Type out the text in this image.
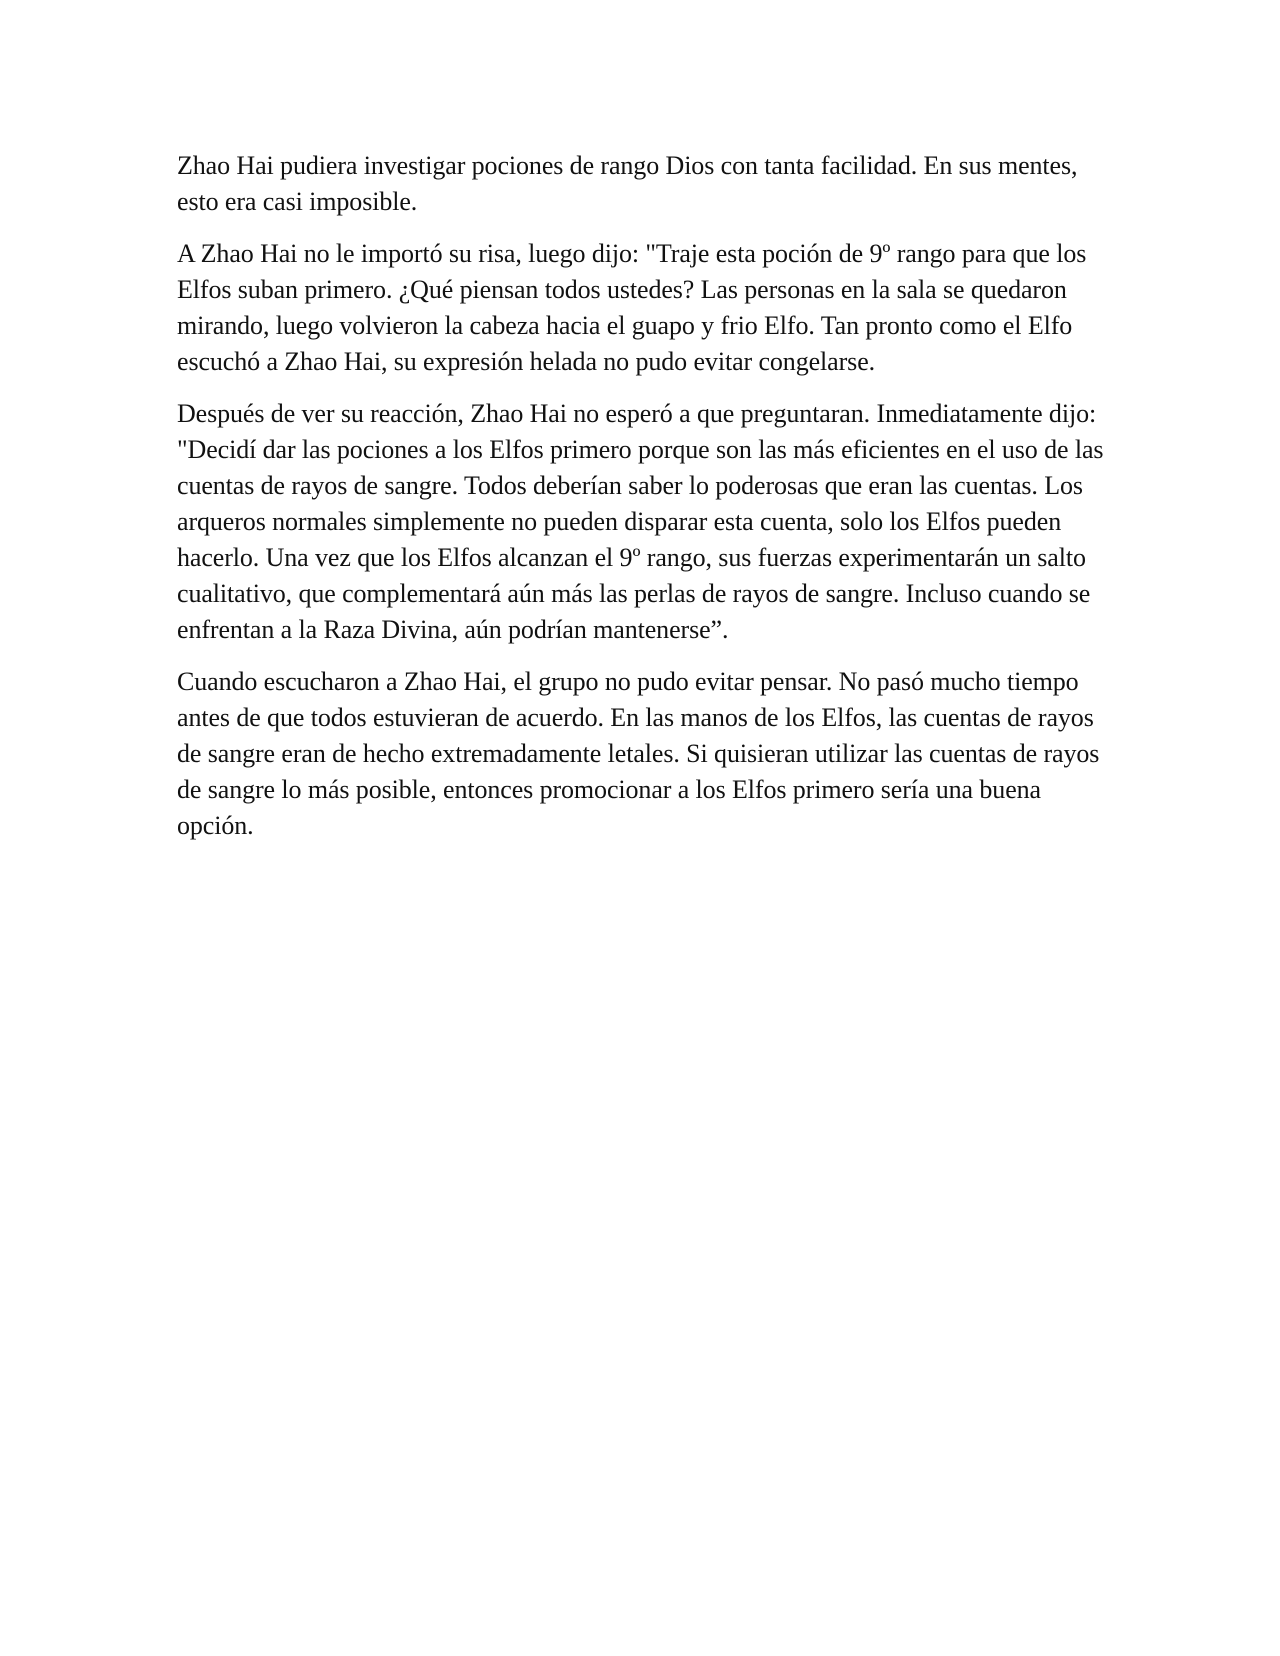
Zhao Hai pudiera investigar pociones de rango Dios con tanta facilidad. En sus mentes, esto era casi imposible.

A Zhao Hai no le importó su risa, luego dijo: "Traje esta poción de 9º rango para que los Elfos suban primero. ¿Qué piensan todos ustedes? Las personas en la sala se quedaron mirando, luego volvieron la cabeza hacia el guapo y frio Elfo. Tan pronto como el Elfo escuchó a Zhao Hai, su expresión helada no pudo evitar congelarse.

Después de ver su reacción, Zhao Hai no esperó a que preguntaran. Inmediatamente dijo: "Decidí dar las pociones a los Elfos primero porque son las más eficientes en el uso de las cuentas de rayos de sangre. Todos deberían saber lo poderosas que eran las cuentas. Los arqueros normales simplemente no pueden disparar esta cuenta, solo los Elfos pueden hacerlo. Una vez que los Elfos alcanzan el 9º rango, sus fuerzas experimentarán un salto cualitativo, que complementará aún más las perlas de rayos de sangre. Incluso cuando se enfrentan a la Raza Divina, aún podrían mantenerse”.

Cuando escucharon a Zhao Hai, el grupo no pudo evitar pensar. No pasó mucho tiempo antes de que todos estuvieran de acuerdo. En las manos de los Elfos, las cuentas de rayos de sangre eran de hecho extremadamente letales. Si quisieran utilizar las cuentas de rayos de sangre lo más posible, entonces promocionar a los Elfos primero sería una buena opción.
